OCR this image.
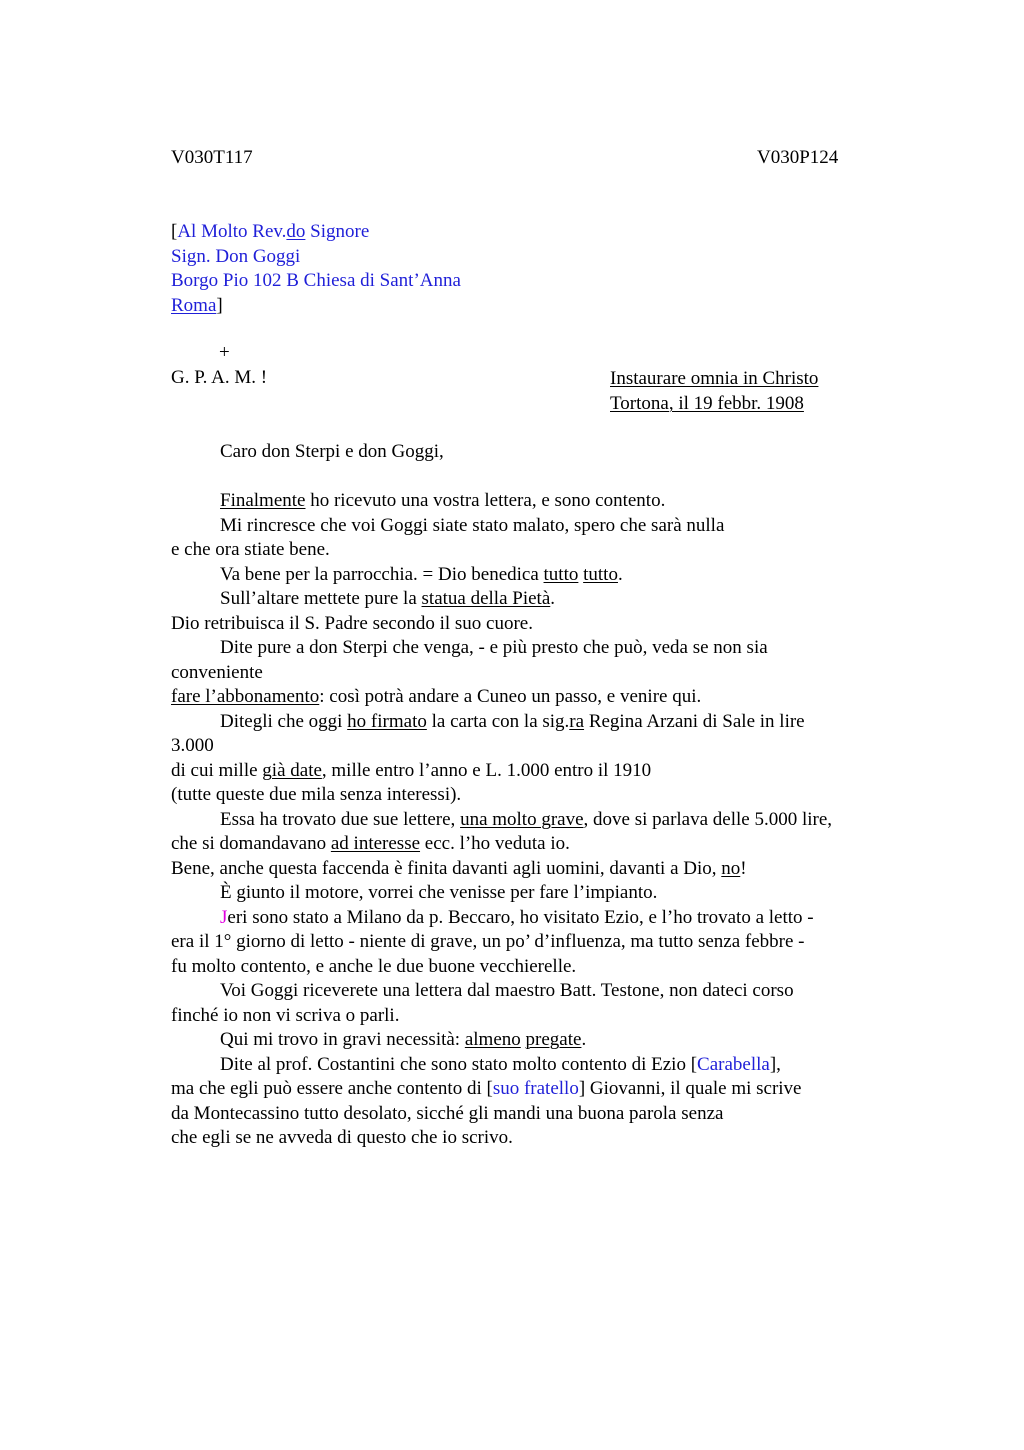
V030T117	V030P124
[Al Molto Rev.do Signore
Sign. Don Goggi
Borgo Pio 102 B Chiesa di Sant’Anna
Roma]
+
G. P. A. M. !	Instaurare omnia in Christo
Tortona, il 19 febbr. 1908
Caro don Sterpi e don Goggi,
Finalmente ho ricevuto una vostra lettera, e sono contento.
Mi rincresce che voi Goggi siate stato malato, spero che sarà nulla
e che ora stiate bene.
Va bene per la parrocchia. = Dio benedica tutto tutto.
Sull’altare mettete pure la statua della Pietà.
Dio retribuisca il S. Padre secondo il suo cuore.
Dite pure a don Sterpi che venga, - e più presto che può, veda se non sia
conveniente
fare l’abbonamento: così potrà andare a Cuneo un passo, e venire qui.
Ditegli che oggi ho firmato la carta con la sig.ra Regina Arzani di Sale in lire
3.000
di cui mille già date, mille entro l’anno e L. 1.000 entro il 1910
(tutte queste due mila senza interessi).
Essa ha trovato due sue lettere, una molto grave, dove si parlava delle 5.000 lire,
che si domandavano ad interesse ecc. l’ho veduta io.
Bene, anche questa faccenda è finita davanti agli uomini, davanti a Dio, no!
È giunto il motore, vorrei che venisse per fare l’impianto.
Jeri sono stato a Milano da p. Beccaro, ho visitato Ezio, e l’ho trovato a letto -
era il 1° giorno di letto - niente di grave, un po’ d’influenza, ma tutto senza febbre -
fu molto contento, e anche le due buone vecchierelle.
Voi Goggi riceverete una lettera dal maestro Batt. Testone, non dateci corso
finché io non vi scriva o parli.
Qui mi trovo in gravi necessità: almeno pregate.
Dite al prof. Costantini che sono stato molto contento di Ezio [Carabella],
ma che egli può essere anche contento di [suo fratello] Giovanni, il quale mi scrive
da Montecassino tutto desolato, sicché gli mandi una buona parola senza
che egli se ne avveda di questo che io scrivo.
